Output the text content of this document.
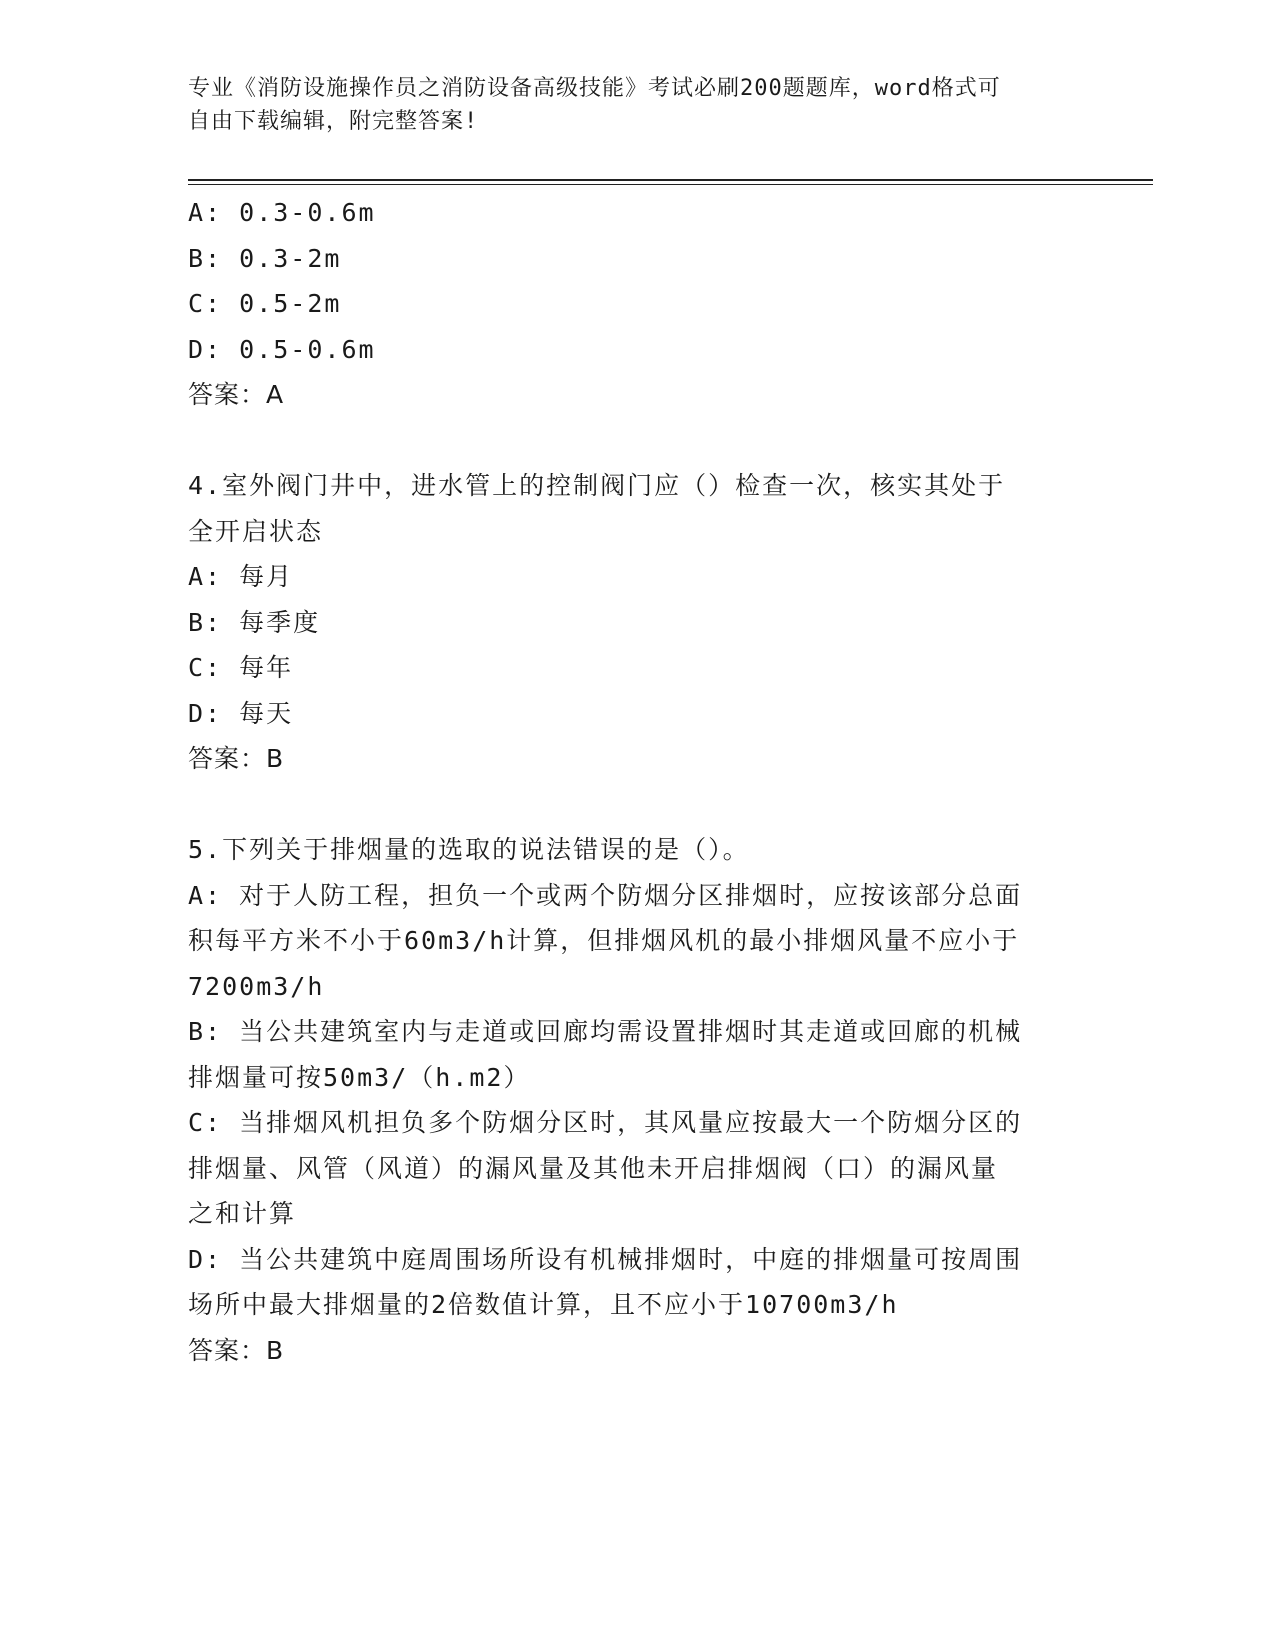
专业《消防设施操作员之消防设备高级技能》考试必刷200题题库，word格式可
自由下载编辑，附完整答案!
A: 0.3-0.6m
B: 0.3-2m
C: 0.5-2m
D: 0.5-0.6m
答案：A
4.室外阀门井中，进水管上的控制阀门应（）检查一次，核实其处于
全开启状态
A: 每月
B: 每季度
C: 每年
D: 每天
答案：B
5.下列关于排烟量的选取的说法错误的是（）。
A: 对于人防工程，担负一个或两个防烟分区排烟时，应按该部分总面
积每平方米不小于60m3/h计算，但排烟风机的最小排烟风量不应小于
7200m3/h
B: 当公共建筑室内与走道或回廊均需设置排烟时其走道或回廊的机械
排烟量可按50m3/（h.m2）
C: 当排烟风机担负多个防烟分区时，其风量应按最大一个防烟分区的
排烟量、风管（风道）的漏风量及其他未开启排烟阀（口）的漏风量
之和计算
D: 当公共建筑中庭周围场所设有机械排烟时，中庭的排烟量可按周围
场所中最大排烟量的2倍数值计算，且不应小于10700m3/h
答案：B
